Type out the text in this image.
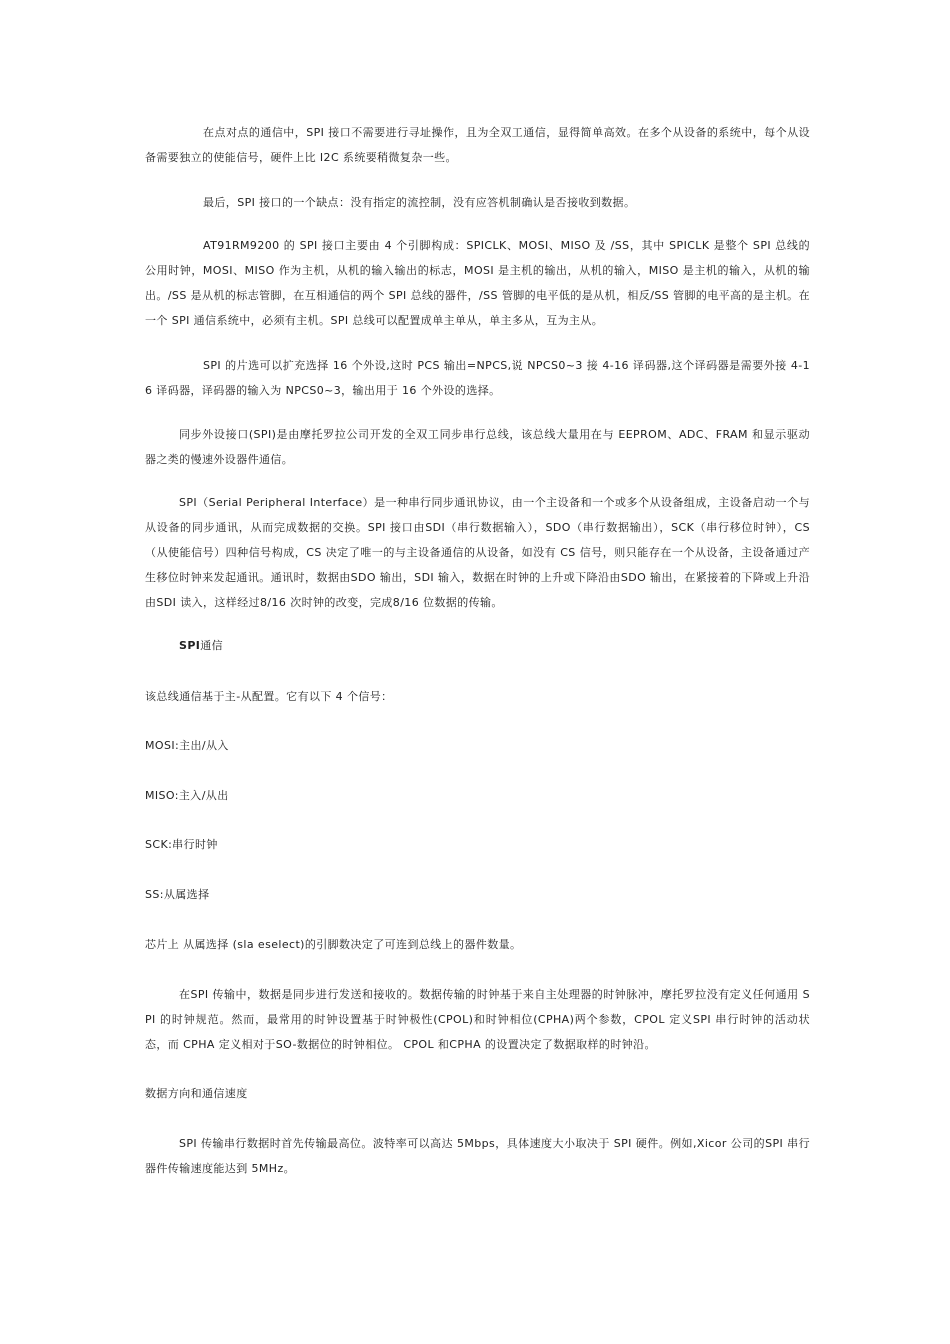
在点对点的通信中，SPI 接口不需要进行寻址操作，且为全双工通信，显得简单高效。在多个从设备的系统中，每个从设备需要独立的使能信号，硬件上比 I2C 系统要稍微复杂一些。

最后，SPI 接口的一个缺点：没有指定的流控制，没有应答机制确认是否接收到数据。

AT91RM9200 的 SPI 接口主要由 4 个引脚构成：SPICLK、MOSI、MISO 及 /SS，其中 SPICLK 是整个 SPI 总线的公用时钟，MOSI、MISO 作为主机，从机的输入输出的标志，MOSI 是主机的输出，从机的输入，MISO 是主机的输入，从机的输出。/SS 是从机的标志管脚，在互相通信的两个 SPI 总线的器件，/SS 管脚的电平低的是从机，相反/SS 管脚的电平高的是主机。在一个 SPI 通信系统中，必须有主机。SPI 总线可以配置成单主单从，单主多从，互为主从。

SPI 的片选可以扩充选择 16 个外设,这时 PCS 输出=NPCS,说 NPCS0~3 接 4-16 译码器,这个译码器是需要外接 4-16 译码器，译码器的输入为 NPCS0~3，输出用于 16 个外设的选择。

同步外设接口(SPI)是由摩托罗拉公司开发的全双工同步串行总线，该总线大量用在与 EEPROM、ADC、FRAM 和显示驱动器之类的慢速外设器件通信。

SPI（Serial Peripheral Interface）是一种串行同步通讯协议，由一个主设备和一个或多个从设备组成，主设备启动一个与从设备的同步通讯，从而完成数据的交换。SPI 接口由SDI（串行数据输入），SDO（串行数据输出），SCK（串行移位时钟），CS（从使能信号）四种信号构成，CS 决定了唯一的与主设备通信的从设备，如没有 CS 信号，则只能存在一个从设备，主设备通过产生移位时钟来发起通讯。通讯时，数据由SDO 输出，SDI 输入，数据在时钟的上升或下降沿由SDO 输出，在紧接着的下降或上升沿由SDI 读入，这样经过8/16 次时钟的改变，完成8/16 位数据的传输。

SPI通信

该总线通信基于主-从配置。它有以下 4 个信号：

MOSI:主出/从入

MISO:主入/从出

SCK:串行时钟

SS:从属选择

芯片上 从属选择 (sla eselect)的引脚数决定了可连到总线上的器件数量。

在SPI 传输中，数据是同步进行发送和接收的。数据传输的时钟基于来自主处理器的时钟脉冲，摩托罗拉没有定义任何通用 SPI 的时钟规范。然而，最常用的时钟设置基于时钟极性(CPOL)和时钟相位(CPHA)两个参数，CPOL 定义SPI 串行时钟的活动状态，而 CPHA 定义相对于SO-数据位的时钟相位。 CPOL 和CPHA 的设置决定了数据取样的时钟沿。

数据方向和通信速度

SPI 传输串行数据时首先传输最高位。波特率可以高达 5Mbps，具体速度大小取决于 SPI 硬件。例如,Xicor 公司的SPI 串行器件传输速度能达到 5MHz。
